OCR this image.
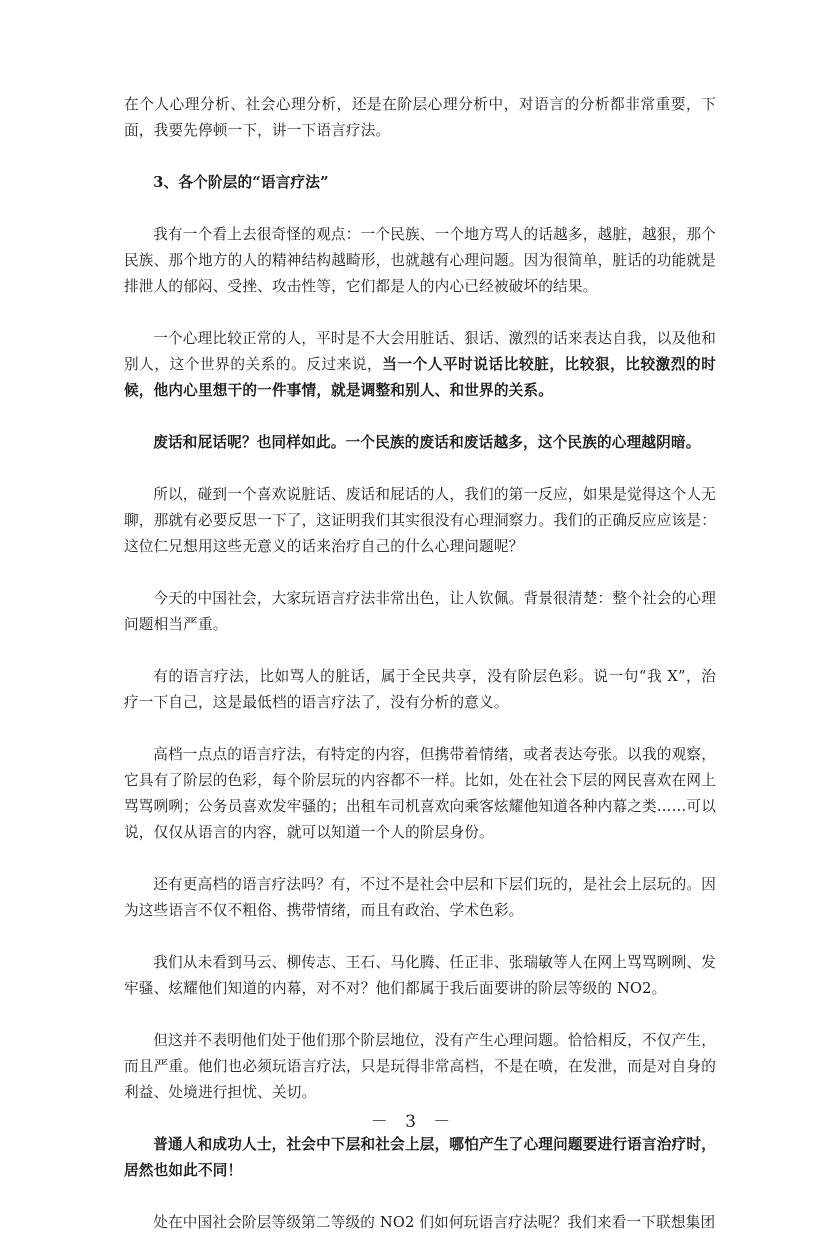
在个人心理分析、社会心理分析，还是在阶层心理分析中，对语言的分析都非常重要，下面，我要先停顿一下，讲一下语言疗法。

3、各个阶层的“语言疗法”

我有一个看上去很奇怪的观点：一个民族、一个地方骂人的话越多，越脏，越狠，那个民族、那个地方的人的精神结构越畸形，也就越有心理问题。因为很简单，脏话的功能就是排泄人的郁闷、受挫、攻击性等，它们都是人的内心已经被破坏的结果。

一个心理比较正常的人，平时是不大会用脏话、狠话、激烈的话来表达自我，以及他和别人，这个世界的关系的。反过来说，当一个人平时说话比较脏，比较狠，比较激烈的时候，他内心里想干的一件事情，就是调整和别人、和世界的关系。

废话和屁话呢？也同样如此。一个民族的废话和废话越多，这个民族的心理越阴暗。

所以，碰到一个喜欢说脏话、废话和屁话的人，我们的第一反应，如果是觉得这个人无聊，那就有必要反思一下了，这证明我们其实很没有心理洞察力。我们的正确反应应该是：这位仁兄想用这些无意义的话来治疗自己的什么心理问题呢？

今天的中国社会，大家玩语言疗法非常出色，让人钦佩。背景很清楚：整个社会的心理问题相当严重。

有的语言疗法，比如骂人的脏话，属于全民共享，没有阶层色彩。说一句“我 X”，治疗一下自己，这是最低档的语言疗法了，没有分析的意义。

高档一点点的语言疗法，有特定的内容，但携带着情绪，或者表达夸张。以我的观察，它具有了阶层的色彩，每个阶层玩的内容都不一样。比如，处在社会下层的网民喜欢在网上骂骂咧咧；公务员喜欢发牢骚的；出租车司机喜欢向乘客炫耀他知道各种内幕之类……可以说，仅仅从语言的内容，就可以知道一个人的阶层身份。

还有更高档的语言疗法吗？有，不过不是社会中层和下层们玩的，是社会上层玩的。因为这些语言不仅不粗俗、携带情绪，而且有政治、学术色彩。

我们从未看到马云、柳传志、王石、马化腾、任正非、张瑞敏等人在网上骂骂咧咧、发牢骚、炫耀他们知道的内幕，对不对？他们都属于我后面要讲的阶层等级的 NO2。

但这并不表明他们处于他们那个阶层地位，没有产生心理问题。恰恰相反，不仅产生，而且严重。他们也必须玩语言疗法，只是玩得非常高档，不是在喷，在发泄，而是对自身的利益、处境进行担忧、关切。

普通人和成功人士，社会中下层和社会上层，哪怕产生了心理问题要进行语言治疗时，居然也如此不同！

处在中国社会阶层等级第二等级的 NO2 们如何玩语言疗法呢？我们来看一下联想集团

－ 3 －
